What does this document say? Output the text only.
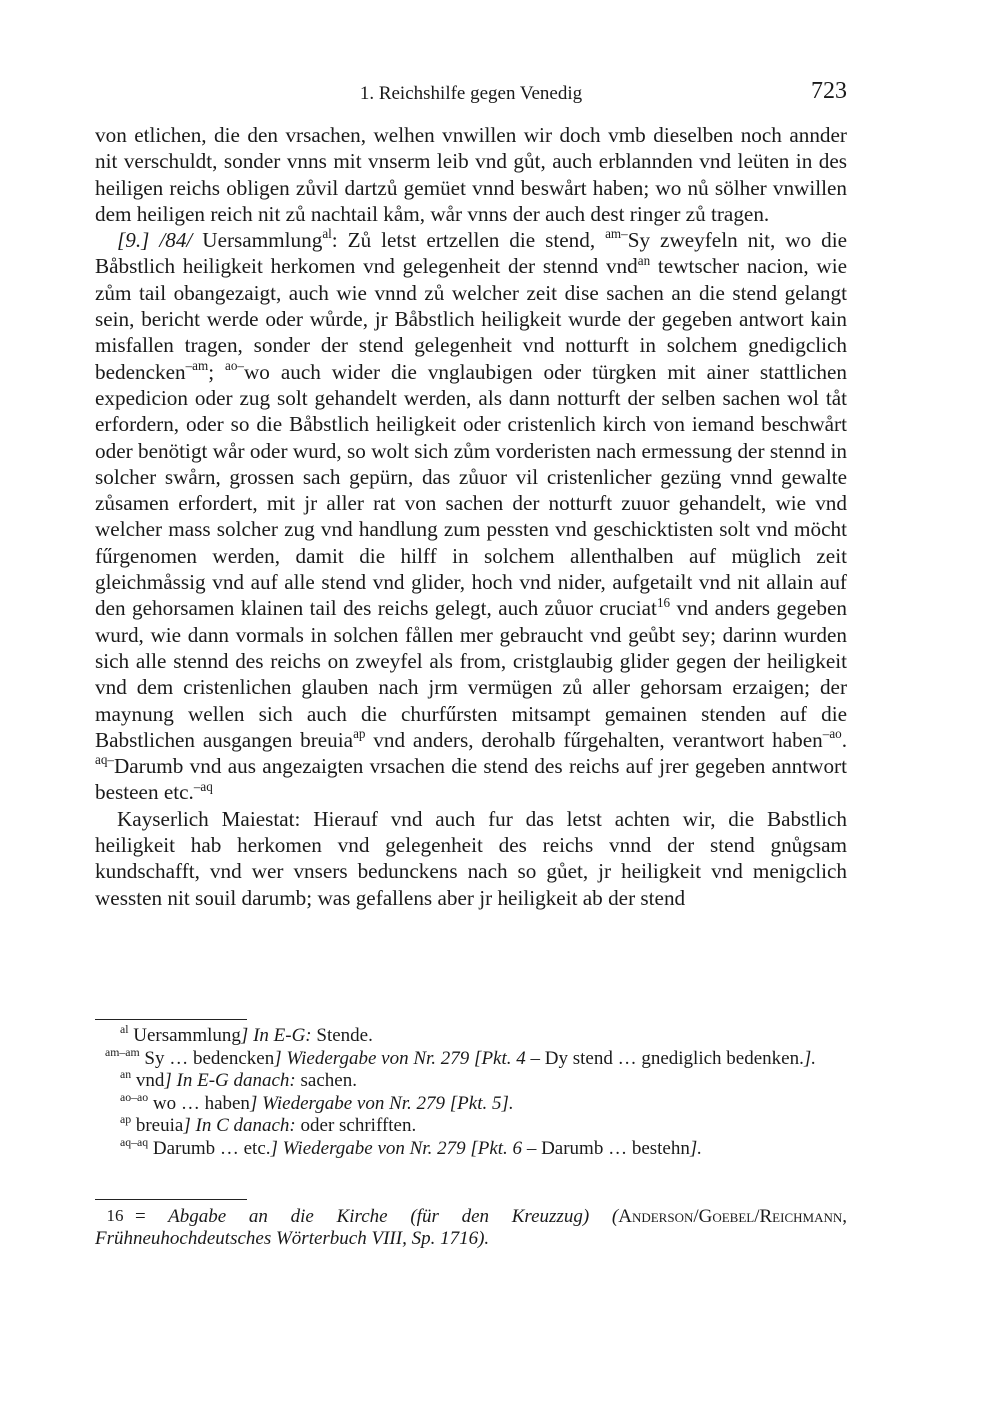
1. Reichshilfe gegen Venedig	723

von etlichen, die den vrsachen, welhen vnwillen wir doch vmb dieselben noch annder nit verschuldt, sonder vnns mit vnserm leib vnd gůt, auch erblannden vnd leüten in des heiligen reichs obligen zůvil dartzů gemüet vnnd beswårt haben; wo nů sölher vnwillen dem heiligen reich nit zů nachtail kåm, wår vnns der auch dest ringer zů tragen.

[9.] /84/ Uersammlung$^{al}$: Zů letst ertzellen die stend, $^{am-}$Sy zweyfeln nit, wo die Båbstlich heiligkeit herkomen vnd gelegenheit der stennd vnd$^{an}$ tewtscher nacion, wie zům tail obangezaigt, auch wie vnnd zů welcher zeit dise sachen an die stend gelangt sein, bericht werde oder wůrde, jr Båbstlich heiligkeit wurde der gegeben antwort kain misfallen tragen, sonder der stend gelegenheit vnd notturft in solchem gnedigclich bedencken$^{-am}$; $^{ao-}$wo auch wider die vnglaubigen oder türgken mit ainer stattlichen expedicion oder zug solt gehandelt werden, als dann notturft der selben sachen wol tåt erfordern, oder so die Båbstlich heiligkeit oder cristenlich kirch von iemand beschwårt oder benötigt wår oder wurd, so wolt sich zům vorderisten nach ermessung der stennd in solcher swårn, grossen sach gepürn, das zůuor vil cristenlicher gezüng vnnd gewalte zůsamen erfordert, mit jr aller rat von sachen der notturft zuuor gehandelt, wie vnd welcher mass solcher zug vnd handlung zum pessten vnd geschicktisten solt vnd möcht fűrgenomen werden, damit die hilff in solchem allenthalben auf müglich zeit gleichmåssig vnd auf alle stend vnd glider, hoch vnd nider, aufgetailt vnd nit allain auf den gehorsamen klainen tail des reichs gelegt, auch zůuor cruciat$^{16}$ vnd anders gegeben wurd, wie dann vormals in solchen fållen mer gebraucht vnd geůbt sey; darinn wurden sich alle stennd des reichs on zweyfel als from, cristglaubig glider gegen der heiligkeit vnd dem cristenlichen glauben nach jrm vermügen zů aller gehorsam erzaigen; der maynung wellen sich auch die churfűrsten mitsampt gemainen stenden auf die Babstlichen ausgangen breuia$^{ap}$ vnd anders, derohalb fűrgehalten, verantwort haben$^{-ao}$. $^{aq-}$Darumb vnd aus angezaigten vrsachen die stend des reichs auf jrer gegeben anntwort besteen etc.$^{-aq}$

Kayserlich Maiestat: Hierauf vnd auch fur das letst achten wir, die Babstlich heiligkeit hab herkomen vnd gelegenheit des reichs vnnd der stend gnůgsam kundschafft, vnd wer vnsers bedunckens nach so gůet, jr heiligkeit vnd menigclich wessten nit souil darumb; was gefallens aber jr heiligkeit ab der stend

$^{al}$ Uersammlung] In E-G: Stende.

$^{am-am}$ Sy … bedencken] Wiedergabe von Nr. 279 [Pkt. 4 – Dy stend … gnediglich bedenken.].

$^{an}$ vnd] In E-G danach: sachen.

$^{ao-ao}$ wo … haben] Wiedergabe von Nr. 279 [Pkt. 5].

$^{ap}$ breuia] In C danach: oder schrifften.

$^{aq-aq}$ Darumb … etc.] Wiedergabe von Nr. 279 [Pkt. 6 – Darumb … bestehn].

16 = Abgabe an die Kirche (für den Kreuzzug) (Anderson/Goebel/Reichmann, Frühneuhochdeutsches Wörterbuch VIII, Sp. 1716).
